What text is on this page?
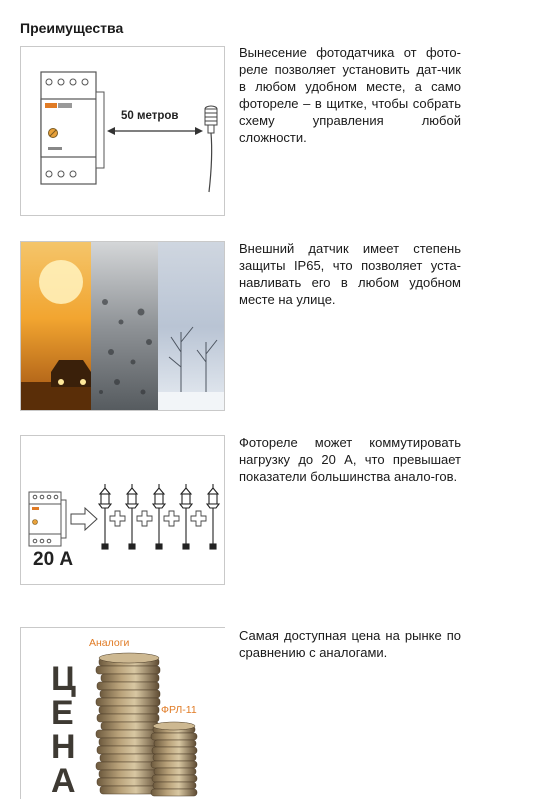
Преимущества
50 метров
Вынесение фотодатчика от фото-реле позволяет установить дат-чик в любом удобном месте, а само фотореле – в щитке, чтобы собрать схему управления любой сложности.
Внешний датчик имеет степень защиты IP65, что позволяет уста-навливать его в любом удобном месте на улице.
20 А
Фотореле может коммутировать нагрузку до 20 А, что превышает показатели большинства анало-гов.
Аналоги
ФРЛ-11
Ц
Е
Н
А
Самая доступная цена на рынке по сравнению с аналогами.
